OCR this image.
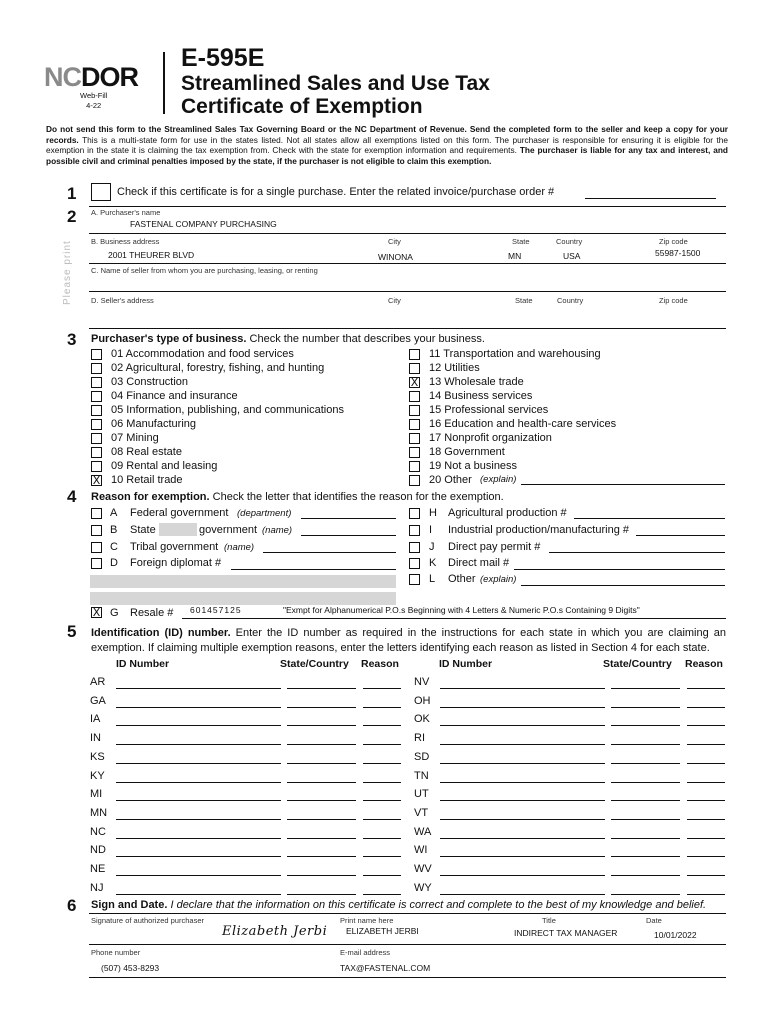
NCDOR
Web-Fill
4-22
E-595E
Streamlined Sales and Use Tax
Certificate of Exemption
Do not send this form to the Streamlined Sales Tax Governing Board or the NC Department of Revenue. Send the completed form to the seller and keep a copy for your records. This is a multi-state form for use in the states listed. Not all states allow all exemptions listed on this form. The purchaser is responsible for ensuring it is eligible for the exemption in the state it is claiming the tax exemption from. Check with the state for exemption information and requirements. The purchaser is liable for any tax and interest, and possible civil and criminal penalties imposed by the state, if the purchaser is not eligible to claim this exemption.
Please print
1	Check if this certificate is for a single purchase. Enter the related invoice/purchase order #
2 A. Purchaser's name
FASTENAL COMPANY PURCHASING
B. Business address
2001 THEURER BLVD
City
WINONA
State
MN
Country
USA
Zip code
55987-1500
C. Name of seller from whom you are purchasing, leasing, or renting
D. Seller's address	City	State	Country	Zip code
3 Purchaser's type of business. Check the number that describes your business.
01 Accommodation and food services
02 Agricultural, forestry, fishing, and hunting
03 Construction
04 Finance and insurance
05 Information, publishing, and communications
06 Manufacturing
07 Mining
08 Real estate
09 Rental and leasing
X 10 Retail trade
11 Transportation and warehousing
12 Utilities
X 13 Wholesale trade
14 Business services
15 Professional services
16 Education and health-care services
17 Nonprofit organization
18 Government
19 Not a business
20 Other (explain)
4 Reason for exemption. Check the letter that identifies the reason for the exemption.
A Federal government (department)
B State	government (name)
C Tribal government (name)
D Foreign diplomat #
H Agricultural production #
I Industrial production/manufacturing #
J Direct pay permit #
K Direct mail #
L Other (explain)
X G Resale # 601457125	"Exmpt for Alphanumerical P.O.s Beginning with 4 Letters & Numeric P.O.s Containing 9 Digits"
5 Identification (ID) number. Enter the ID number as required in the instructions for each state in which you are claiming an exemption. If claiming multiple exemption reasons, enter the letters identifying each reason as listed in Section 4 for each state.
ID Number	State/Country Reason	ID Number	State/Country Reason
AR
GA
IA
IN
KS
KY
MI
MN
NC
ND
NE
NJ
NV
OH
OK
RI
SD
TN
UT
VT
WA
WI
WV
WY
6 Sign and Date. I declare that the information on this certificate is correct and complete to the best of my knowledge and belief.
Signature of authorized purchaser
Elizabeth Jerbi
Print name here
ELIZABETH JERBI
Title
INDIRECT TAX MANAGER
Date
10/01/2022
Phone number
(507) 453-8293
E-mail address
TAX@FASTENAL.COM
